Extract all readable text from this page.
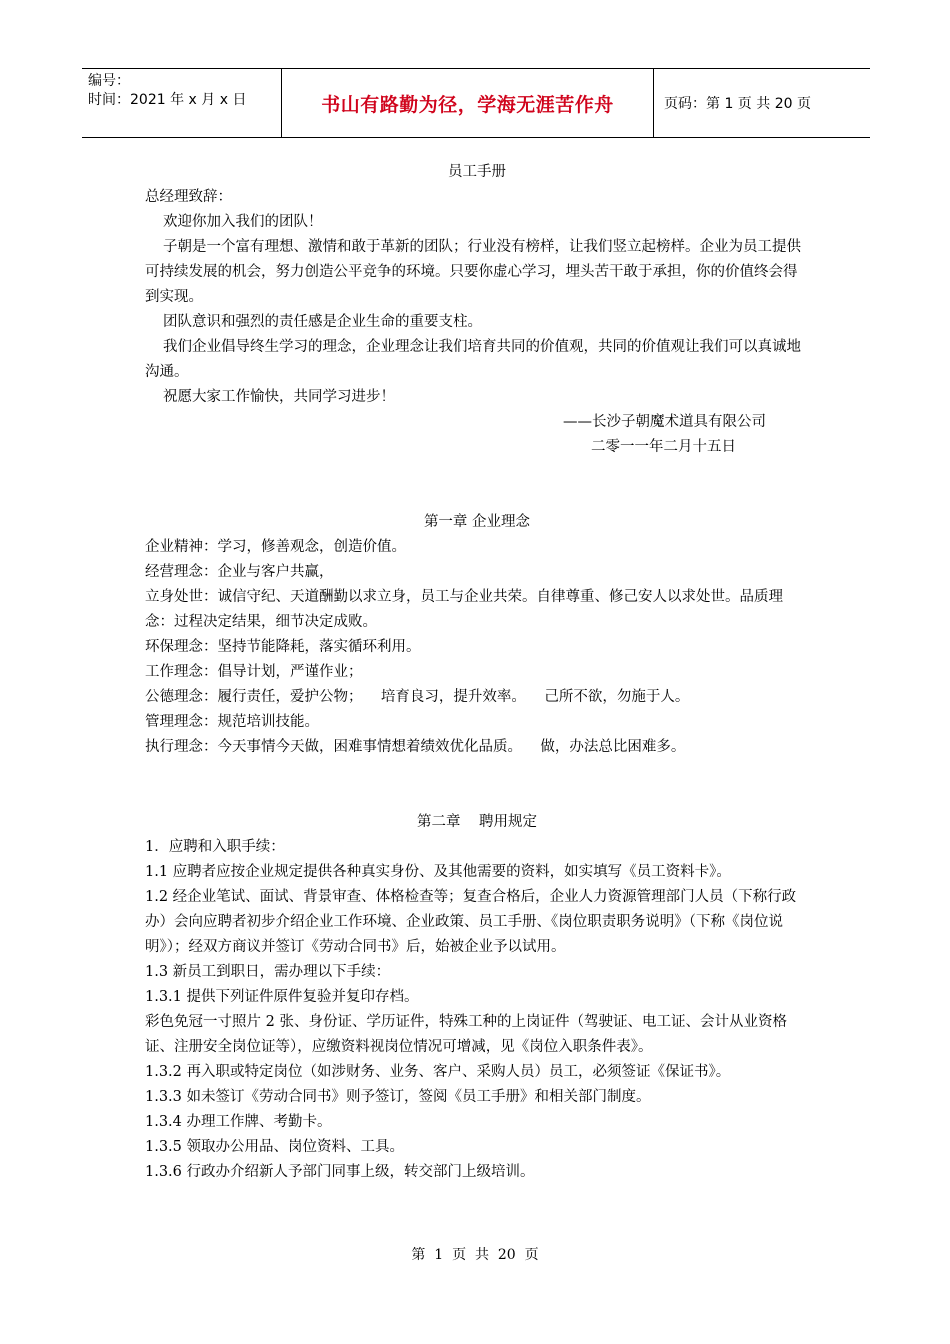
编号：
时间：2021 年 x 月 x 日	书山有路勤为径，学海无涯苦作舟	页码：第 1 页 共 20 页

员工手册

总经理致辞：

欢迎你加入我们的团队！

子朝是一个富有理想、激情和敢于革新的团队；行业没有榜样，让我们竖立起榜样。企业为员工提供可持续发展的机会，努力创造公平竞争的环境。只要你虚心学习，埋头苦干敢于承担，你的价值终会得到实现。

团队意识和强烈的责任感是企业生命的重要支柱。

我们企业倡导终生学习的理念，企业理念让我们培育共同的价值观，共同的价值观让我们可以真诚地沟通。

祝愿大家工作愉快，共同学习进步！

——长沙子朝魔术道具有限公司

二零一一年二月十五日

第一章 企业理念

企业精神：学习，修善观念，创造价值。

经营理念：企业与客户共赢，

立身处世：诚信守纪、天道酬勤以求立身，员工与企业共荣。自律尊重、修己安人以求处世。品质理念：过程决定结果，细节决定成败。

环保理念：坚持节能降耗，落实循环利用。

工作理念：倡导计划，严谨作业；

公德理念：履行责任，爱护公物；    培育良习，提升效率。    己所不欲，勿施于人。

管理理念：规范培训技能。

执行理念：今天事情今天做，困难事情想着绩效优化品质。    做，办法总比困难多。

第二章    聘用规定

1．应聘和入职手续：

1.1 应聘者应按企业规定提供各种真实身份、及其他需要的资料，如实填写《员工资料卡》。

1.2 经企业笔试、面试、背景审查、体格检查等；复查合格后，企业人力资源管理部门人员（下称行政办）会向应聘者初步介绍企业工作环境、企业政策、员工手册、《岗位职责职务说明》（下称《岗位说明》）；经双方商议并签订《劳动合同书》后，始被企业予以试用。

1.3 新员工到职日，需办理以下手续：

1.3.1 提供下列证件原件复验并复印存档。

彩色免冠一寸照片 2 张、身份证、学历证件，特殊工种的上岗证件（驾驶证、电工证、会计从业资格证、注册安全岗位证等），应缴资料视岗位情况可增减，见《岗位入职条件表》。

1.3.2 再入职或特定岗位（如涉财务、业务、客户、采购人员）员工，必须签证《保证书》。

1.3.3 如未签订《劳动合同书》则予签订，签阅《员工手册》和相关部门制度。

1.3.4 办理工作牌、考勤卡。

1.3.5 领取办公用品、岗位资料、工具。

1.3.6 行政办介绍新人予部门同事上级，转交部门上级培训。

第  1  页  共  20  页
